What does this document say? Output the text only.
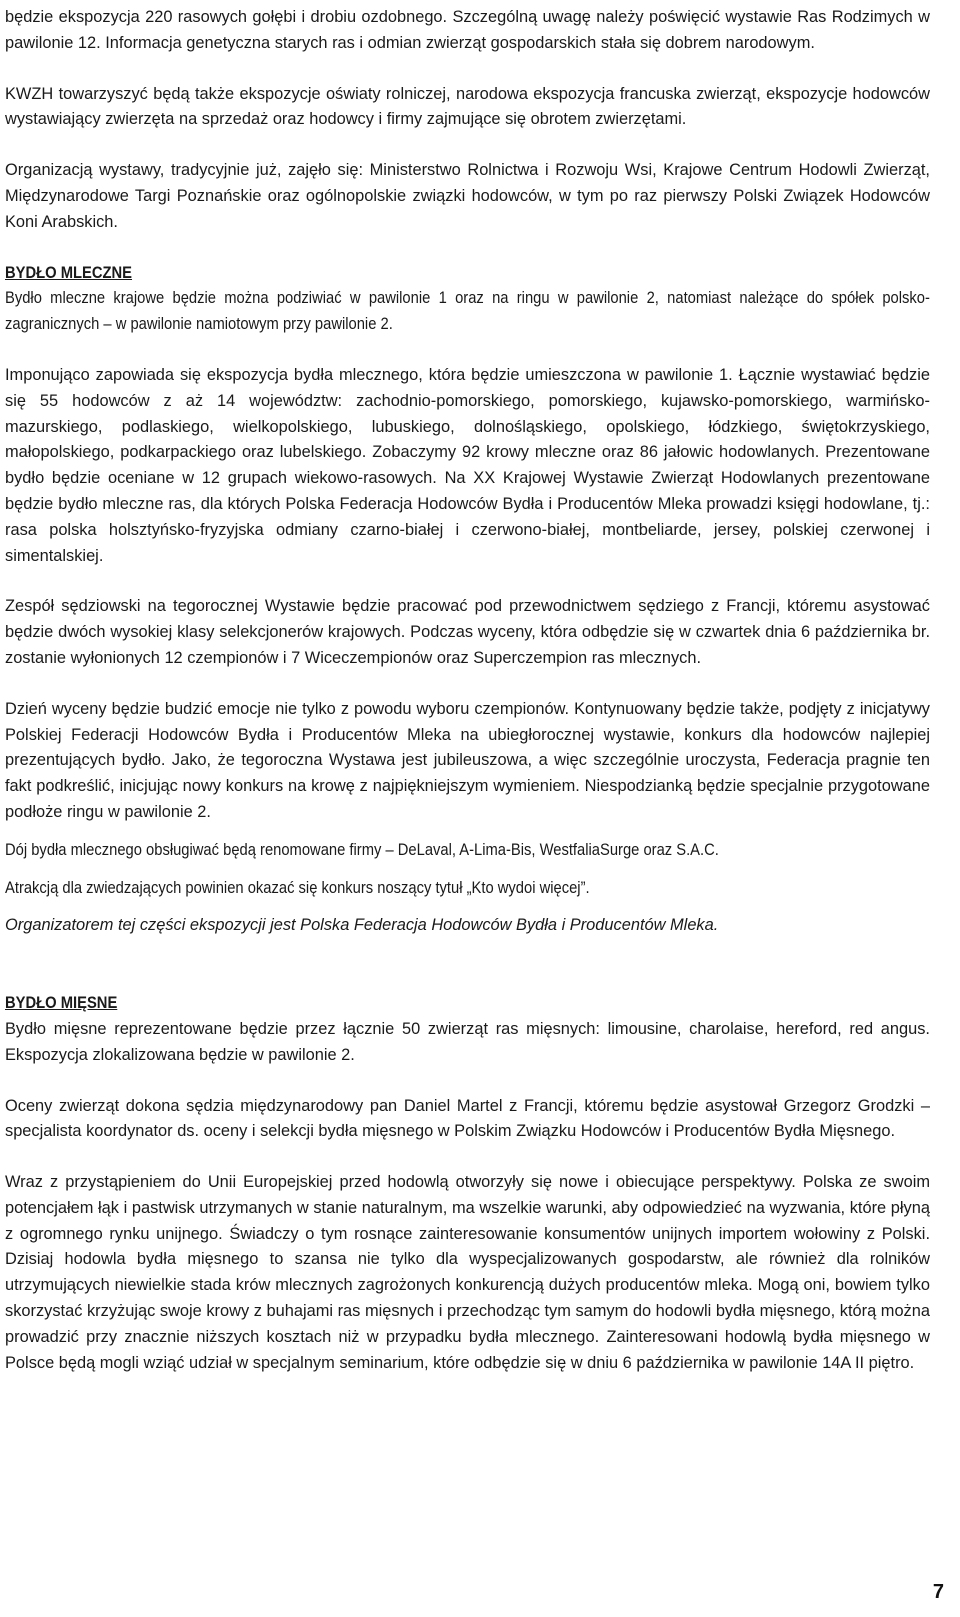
będzie ekspozycja 220 rasowych gołębi i drobiu ozdobnego. Szczególną uwagę należy poświęcić wystawie Ras Rodzimych w pawilonie 12. Informacja genetyczna starych ras i odmian zwierząt gospodarskich stała się dobrem narodowym.

KWZH towarzyszyć będą także ekspozycje oświaty rolniczej, narodowa ekspozycja francuska zwierząt, ekspozycje hodowców wystawiający zwierzęta na sprzedaż oraz hodowcy i firmy zajmujące się obrotem zwierzętami.

Organizacją wystawy, tradycyjnie już, zajęło się: Ministerstwo Rolnictwa i Rozwoju Wsi, Krajowe Centrum Hodowli Zwierząt, Międzynarodowe Targi Poznańskie oraz ogólnopolskie związki hodowców, w tym po raz pierwszy Polski Związek Hodowców Koni Arabskich.

BYDŁO MLECZNE

Bydło mleczne krajowe będzie można podziwiać w pawilonie 1 oraz na ringu w pawilonie 2, natomiast należące do spółek polsko-zagranicznych – w pawilonie namiotowym przy pawilonie 2.

Imponująco zapowiada się ekspozycja bydła mlecznego, która będzie umieszczona w pawilonie 1. Łącznie wystawiać będzie się 55 hodowców z aż 14 województw: zachodnio-pomorskiego, pomorskiego, kujawsko-pomorskiego, warmińsko-mazurskiego, podlaskiego, wielkopolskiego, lubuskiego, dolnośląskiego, opolskiego, łódzkiego, świętokrzyskiego, małopolskiego, podkarpackiego oraz lubelskiego. Zobaczymy 92 krowy mleczne oraz 86 jałowic hodowlanych. Prezentowane bydło będzie oceniane w 12 grupach wiekowo-rasowych. Na XX Krajowej Wystawie Zwierząt Hodowlanych prezentowane będzie bydło mleczne ras, dla których Polska Federacja Hodowców Bydła i Producentów Mleka prowadzi księgi hodowlane, tj.: rasa polska holsztyńsko-fryzyjska odmiany czarno-białej i czerwono-białej, montbeliarde, jersey, polskiej czerwonej i simentalskiej.

Zespół sędziowski na tegorocznej Wystawie będzie pracować pod przewodnictwem sędziego z Francji, któremu asystować będzie dwóch wysokiej klasy selekcjonerów krajowych. Podczas wyceny, która odbędzie się w czwartek dnia 6 października br. zostanie wyłonionych 12 czempionów i 7 Wiceczempionów oraz Superczempion ras mlecznych.

Dzień wyceny będzie budzić emocje nie tylko z powodu wyboru czempionów. Kontynuowany będzie także, podjęty z inicjatywy Polskiej Federacji Hodowców Bydła i Producentów Mleka na ubiegłorocznej wystawie, konkurs dla hodowców najlepiej prezentujących bydło. Jako, że tegoroczna Wystawa jest jubileuszowa, a więc szczególnie uroczysta, Federacja pragnie ten fakt podkreślić, inicjując nowy konkurs na krowę z najpiękniejszym wymieniem. Niespodzianką będzie specjalnie przygotowane podłoże ringu w pawilonie 2.

Dój bydła mlecznego obsługiwać będą renomowane firmy – DeLaval, A-Lima-Bis, WestfaliaSurge oraz S.A.C.

Atrakcją dla zwiedzających powinien okazać się konkurs noszący tytuł „Kto wydoi więcej”.

Organizatorem tej części ekspozycji jest Polska Federacja Hodowców Bydła i Producentów Mleka.

BYDŁO MIĘSNE

Bydło mięsne reprezentowane będzie przez łącznie 50 zwierząt ras mięsnych: limousine, charolaise, hereford, red angus. Ekspozycja zlokalizowana będzie w pawilonie 2.

Oceny zwierząt dokona sędzia międzynarodowy pan Daniel Martel z Francji, któremu będzie asystował Grzegorz Grodzki – specjalista koordynator ds. oceny i selekcji bydła mięsnego w Polskim Związku Hodowców i Producentów Bydła Mięsnego.

Wraz z przystąpieniem do Unii Europejskiej przed hodowlą otworzyły się nowe i obiecujące perspektywy. Polska ze swoim potencjałem łąk i pastwisk utrzymanych w stanie naturalnym, ma wszelkie warunki, aby odpowiedzieć na wyzwania, które płyną z ogromnego rynku unijnego. Świadczy o tym rosnące zainteresowanie konsumentów unijnych importem wołowiny z Polski. Dzisiaj hodowla bydła mięsnego to szansa nie tylko dla wyspecjalizowanych gospodarstw, ale również dla rolników utrzymujących niewielkie stada krów mlecznych zagrożonych konkurencją dużych producentów mleka. Mogą oni, bowiem tylko skorzystać krzyżując swoje krowy z buhajami ras mięsnych i przechodząc tym samym do hodowli bydła mięsnego, którą można prowadzić przy znacznie niższych kosztach niż w przypadku bydła mlecznego. Zainteresowani hodowlą bydła mięsnego w Polsce będą mogli wziąć udział w specjalnym seminarium, które odbędzie się w dniu 6 października w pawilonie 14A II piętro.

7
